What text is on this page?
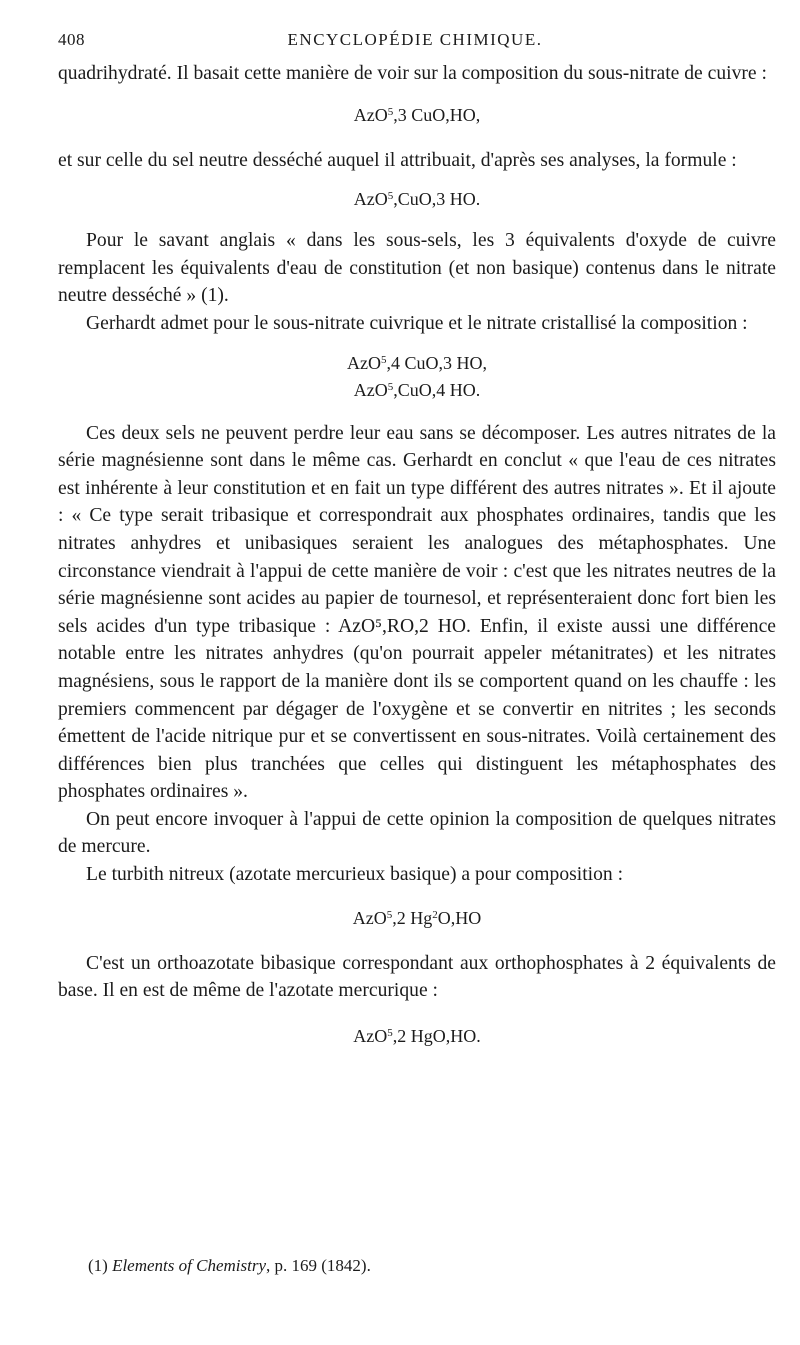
408	ENCYCLOPÉDIE CHIMIQUE.

quadrihydraté. Il basait cette manière de voir sur la composition du sous-nitrate de cuivre :

AzO$^5$,3 CuO,HO,

et sur celle du sel neutre desséché auquel il attribuait, d'après ses analyses, la formule :

AzO$^5$,CuO,3 HO.

Pour le savant anglais « dans les sous-sels, les 3 équivalents d'oxyde de cuivre remplacent les équivalents d'eau de constitution (et non basique) contenus dans le nitrate neutre desséché » (1).

Gerhardt admet pour le sous-nitrate cuivrique et le nitrate cristallisé la composition :

AzO$^5$,4 CuO,3 HO,
AzO$^5$,CuO,4 HO.

Ces deux sels ne peuvent perdre leur eau sans se décomposer. Les autres nitrates de la série magnésienne sont dans le même cas. Gerhardt en conclut « que l'eau de ces nitrates est inhérente à leur constitution et en fait un type différent des autres nitrates ». Et il ajoute : « Ce type serait tribasique et correspondrait aux phosphates ordinaires, tandis que les nitrates anhydres et unibasiques seraient les analogues des métaphosphates. Une circonstance viendrait à l'appui de cette manière de voir : c'est que les nitrates neutres de la série magnésienne sont acides au papier de tournesol, et représenteraient donc fort bien les sels acides d'un type tribasique : AzO⁵,RO,2 HO. Enfin, il existe aussi une différence notable entre les nitrates anhydres (qu'on pourrait appeler métanitrates) et les nitrates magnésiens, sous le rapport de la manière dont ils se comportent quand on les chauffe : les premiers commencent par dégager de l'oxygène et se convertir en nitrites ; les seconds émettent de l'acide nitrique pur et se convertissent en sous-nitrates. Voilà certainement des différences bien plus tranchées que celles qui distinguent les métaphosphates des phosphates ordinaires ».

On peut encore invoquer à l'appui de cette opinion la composition de quelques nitrates de mercure.

Le turbith nitreux (azotate mercurieux basique) a pour composition :

AzO$^5$,2 Hg$^2$O,HO

C'est un orthoazotate bibasique correspondant aux orthophosphates à 2 équivalents de base. Il en est de même de l'azotate mercurique :

AzO$^5$,2 HgO,HO.
(1) Elements of Chemistry, p. 169 (1842).
